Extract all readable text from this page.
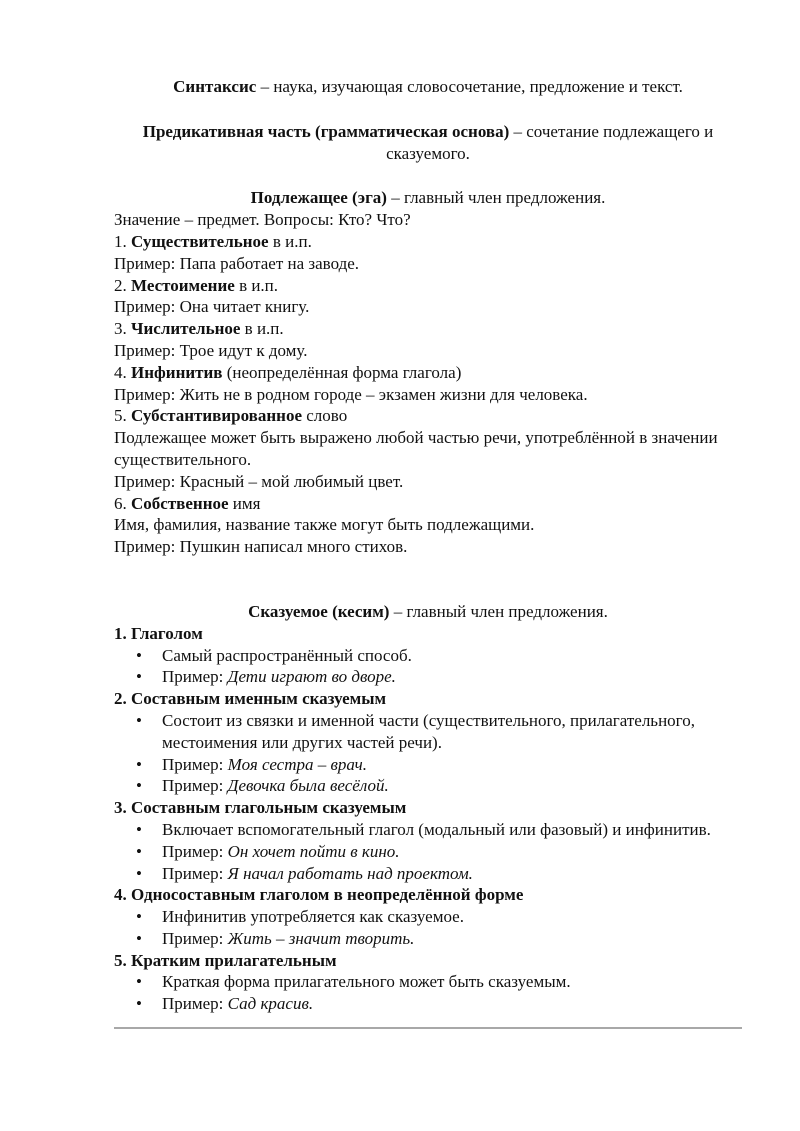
Синтаксис – наука, изучающая словосочетание, предложение и текст.

Предикативная часть (грамматическая основа) – сочетание подлежащего и сказуемого.

Подлежащее (эга) – главный член предложения.

Значение – предмет. Вопросы: Кто? Что?

1. Существительное в и.п.

Пример: Папа работает на заводе.

2. Местоимение в и.п.

Пример: Она читает книгу.

3. Числительное в и.п.

Пример: Трое идут к дому.

4. Инфинитив (неопределённая форма глагола)

Пример: Жить не в родном городе – экзамен жизни для человека.

5. Субстантивированное слово

Подлежащее может быть выражено любой частью речи, употреблённой в значении существительного.

Пример: Красный – мой любимый цвет.

6. Собственное имя

Имя, фамилия, название также могут быть подлежащими.

Пример: Пушкин написал много стихов.

Сказуемое (кесим) – главный член предложения.

1. Глаголом

• Самый распространённый способ.
• Пример: Дети играют во дворе.

2. Составным именным сказуемым

• Состоит из связки и именной части (существительного, прилагательного, местоимения или других частей речи).
• Пример: Моя сестра – врач.
• Пример: Девочка была весёлой.

3. Составным глагольным сказуемым

• Включает вспомогательный глагол (модальный или фазовый) и инфинитив.
• Пример: Он хочет пойти в кино.
• Пример: Я начал работать над проектом.

4. Односоставным глаголом в неопределённой форме

• Инфинитив употребляется как сказуемое.
• Пример: Жить – значит творить.

5. Кратким прилагательным

• Краткая форма прилагательного может быть сказуемым.
• Пример: Сад красив.
